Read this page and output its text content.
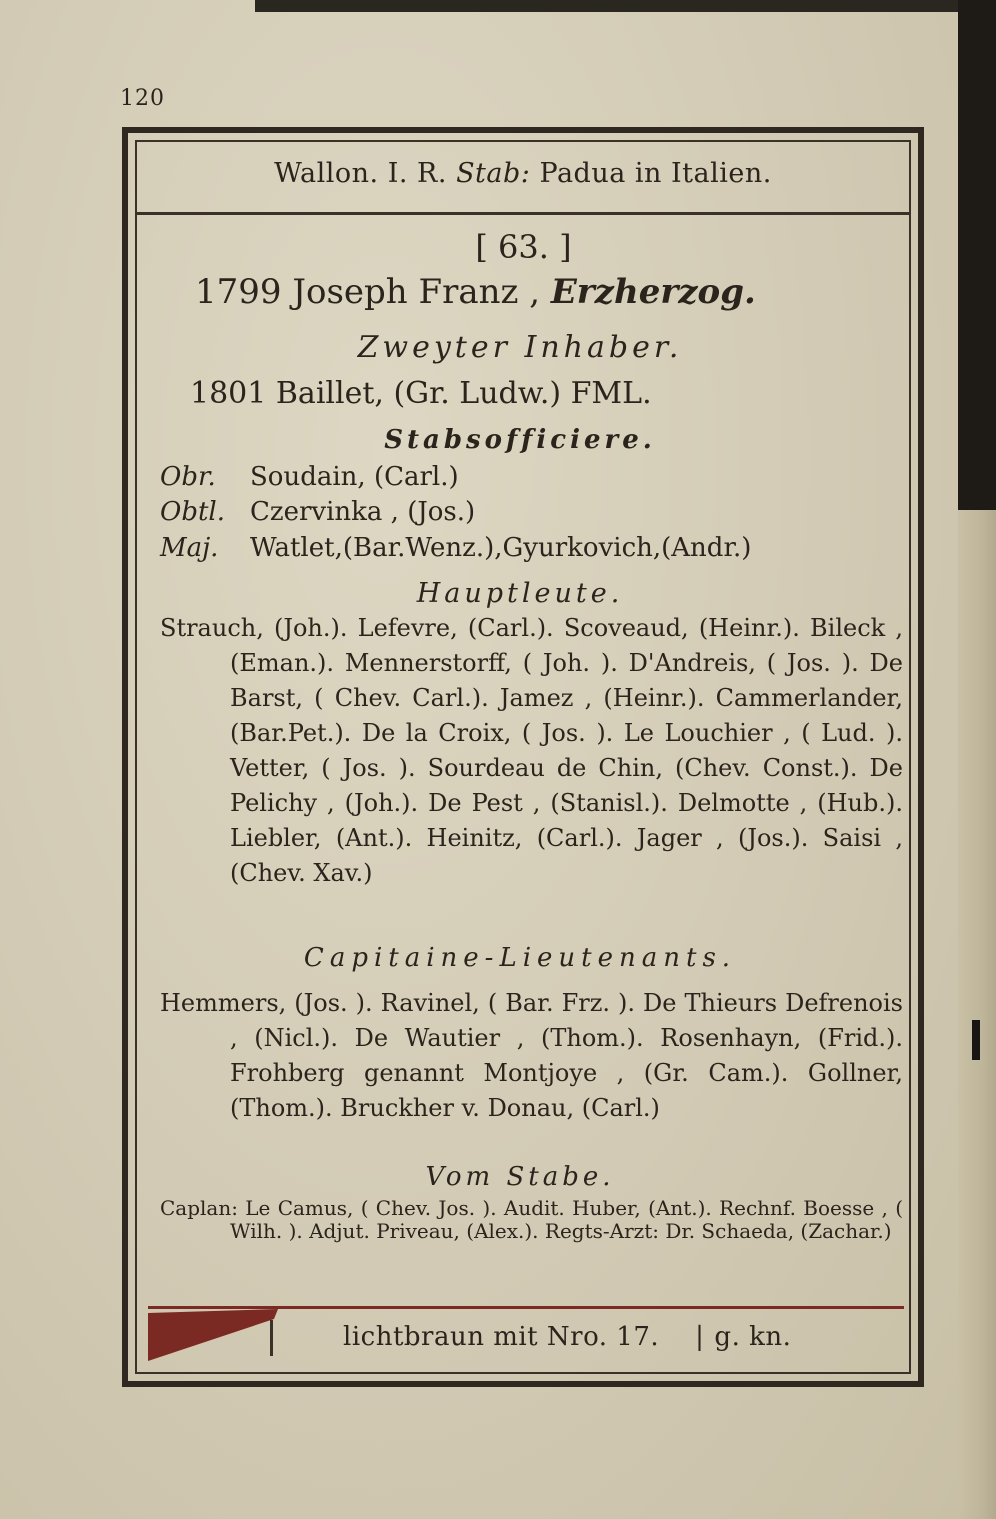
120
Wallon. I. R. Stab: Padua in Italien.
[ 63. ]
1799 Joseph Franz , Erzherzog.
Zweyter Inhaber.
1801 Baillet, (Gr. Ludw.) FML.
Stabsofficiere.
Obr. Soudain, (Carl.)
Obtl. Czervinka , (Jos.)
Maj. Watlet,(Bar.Wenz.),Gyurkovich,(Andr.)
Hauptleute.
Strauch, (Joh.). Lefevre, (Carl.). Scoveaud, (Heinr.). Bileck , (Eman.). Mennerstorff, ( Joh. ). D'Andreis, ( Jos. ). De Barst, ( Chev. Carl.). Jamez , (Heinr.). Cammerlander,(Bar.Pet.). De la Croix, ( Jos. ). Le Louchier , ( Lud. ). Vetter, ( Jos. ). Sourdeau de Chin, (Chev. Const.). De Pelichy , (Joh.). De Pest , (Stanisl.). Delmotte , (Hub.). Liebler, (Ant.). Heinitz, (Carl.). Jager , (Jos.). Saisi , (Chev. Xav.)
Capitaine-Lieutenants.
Hemmers, (Jos. ). Ravinel, ( Bar. Frz. ). De Thieurs Defrenois , (Nicl.). De Wautier , (Thom.). Rosenhayn, (Frid.). Frohberg genannt Montjoye , (Gr. Cam.). Gollner, (Thom.). Bruckher v. Donau, (Carl.)
Vom Stabe.
Caplan: Le Camus, ( Chev. Jos. ). Audit. Huber, (Ant.). Rechnf. Boesse , ( Wilh. ). Adjut. Priveau, (Alex.). Regts-Arzt: Dr. Schaeda, (Zachar.)
lichtbraun mit Nro. 17. | g. kn.
